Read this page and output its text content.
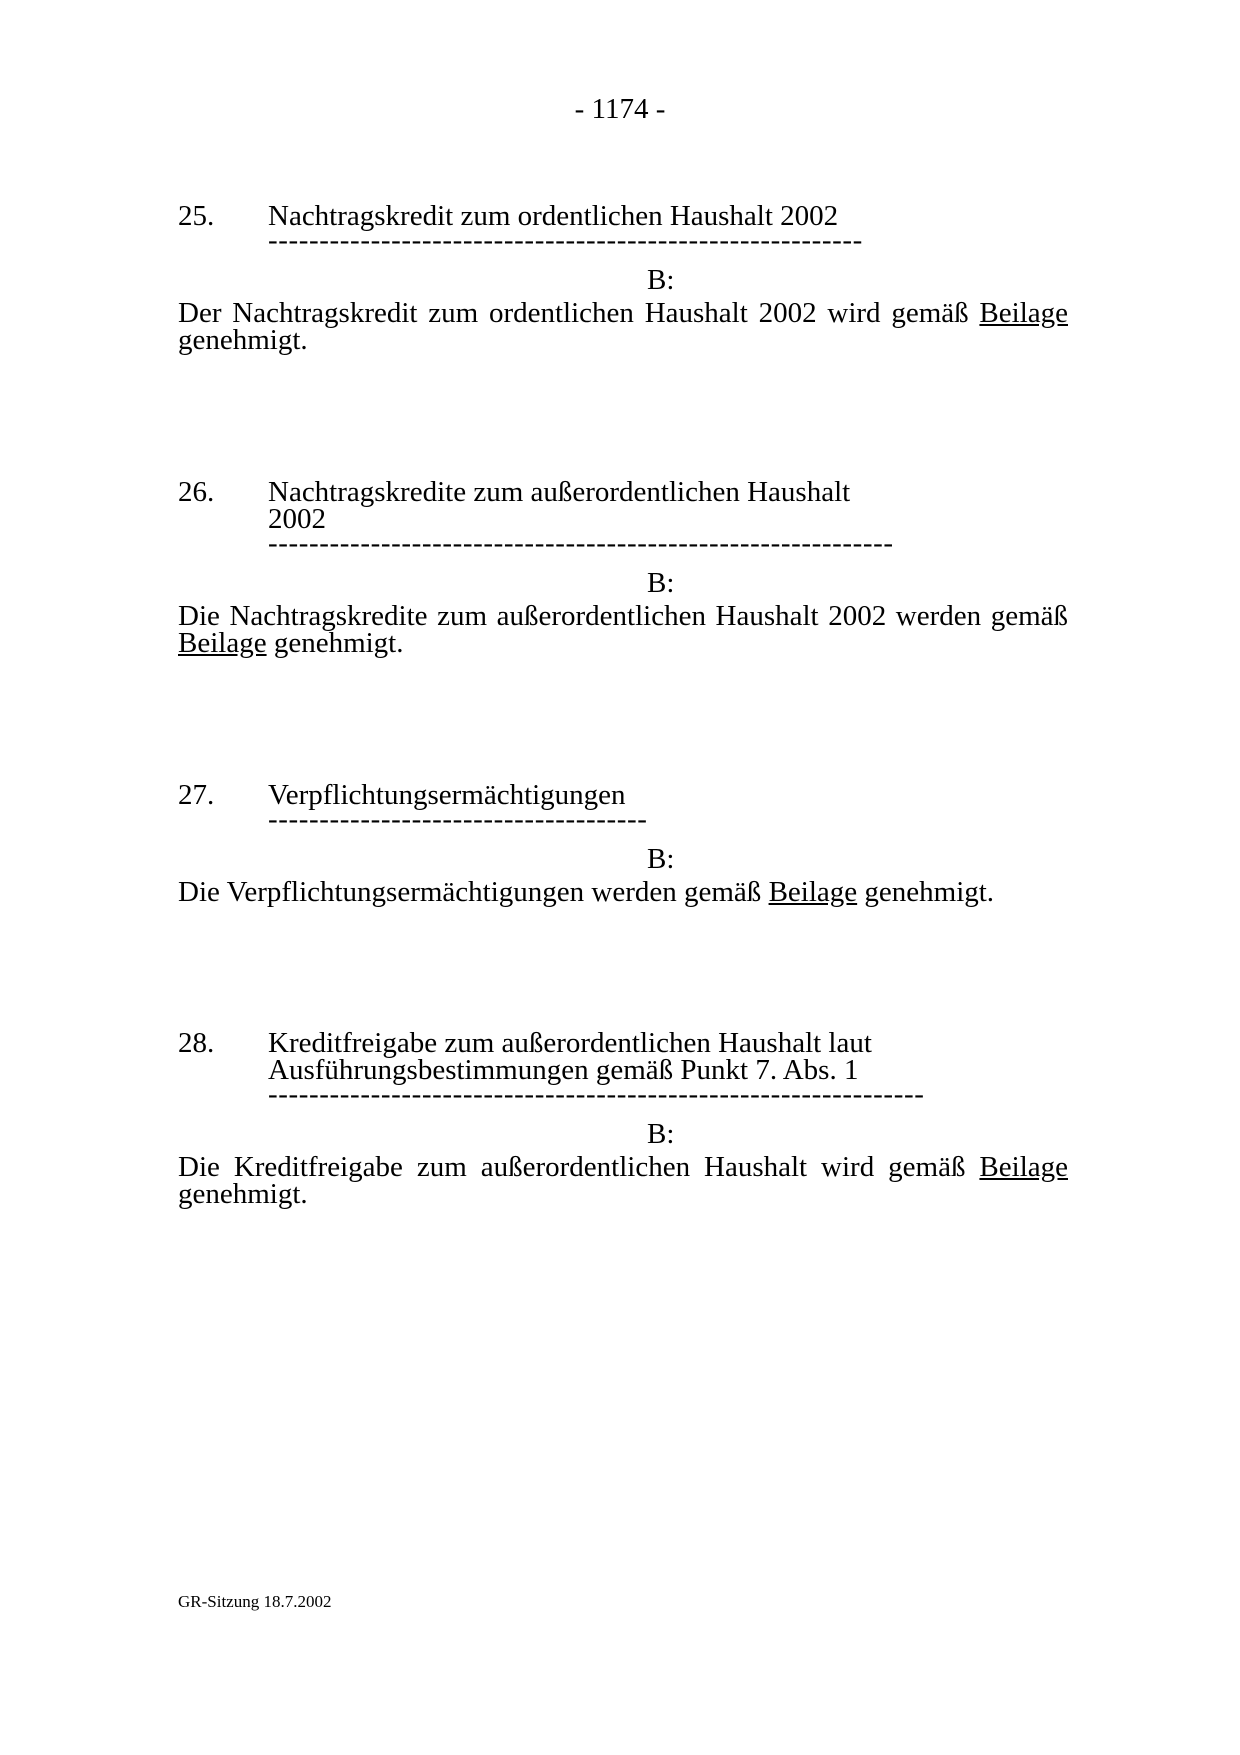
- 1174 -
25. Nachtragskredit zum ordentlichen Haushalt 2002
----------------------------------------------------------
B:
Der Nachtragskredit zum ordentlichen Haushalt 2002 wird gemäß Beilage genehmigt.
26. Nachtragskredite zum außerordentlichen Haushalt
2002
-------------------------------------------------------------
B:
Die Nachtragskredite zum außerordentlichen Haushalt 2002 werden gemäß Beilage genehmigt.
27. Verpflichtungsermächtigungen
-------------------------------------
B:
Die Verpflichtungsermächtigungen werden gemäß Beilage genehmigt.
28. Kreditfreigabe zum außerordentlichen Haushalt laut
Ausführungsbestimmungen gemäß Punkt 7. Abs. 1
----------------------------------------------------------------
B:
Die Kreditfreigabe zum außerordentlichen Haushalt wird gemäß Beilage genehmigt.
GR-Sitzung 18.7.2002
